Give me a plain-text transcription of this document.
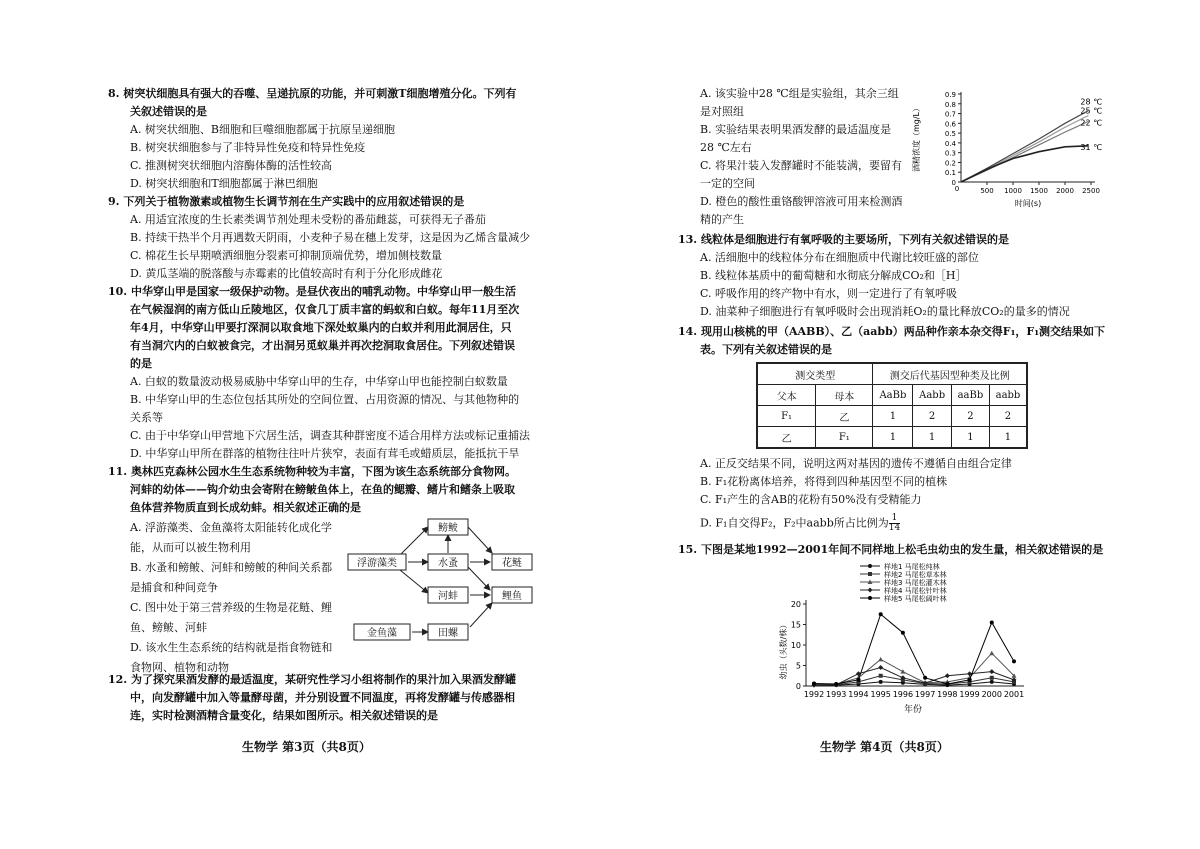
8. 树突状细胞具有强大的吞噬、呈递抗原的功能，并可刺激T细胞增殖分化。下列有
关叙述错误的是
A. 树突状细胞、B细胞和巨噬细胞都属于抗原呈递细胞
B. 树突状细胞参与了非特异性免疫和特异性免疫
C. 推测树突状细胞内溶酶体酶的活性较高
D. 树突状细胞和T细胞都属于淋巴细胞
9. 下列关于植物激素或植物生长调节剂在生产实践中的应用叙述错误的是
A. 用适宜浓度的生长素类调节剂处理未受粉的番茄雌蕊，可获得无子番茄
B. 持续干热半个月再遇数天阴雨，小麦种子易在穗上发芽，这是因为乙烯含量减少
C. 棉花生长早期喷洒细胞分裂素可抑制顶端优势，增加侧枝数量
D. 黄瓜茎端的脱落酸与赤霉素的比值较高时有利于分化形成雌花
10. 中华穿山甲是国家一级保护动物。是昼伏夜出的哺乳动物。中华穿山甲一般生活
在气候湿润的南方低山丘陵地区，仅食几丁质丰富的蚂蚁和白蚁。每年11月至次
年4月，中华穿山甲要打深洞以取食地下深处蚁巢内的白蚁并利用此洞居住，只
有当洞穴内的白蚁被食完，才出洞另觅蚁巢并再次挖洞取食居住。下列叙述错误
的是
A. 白蚁的数量波动极易威胁中华穿山甲的生存，中华穿山甲也能控制白蚁数量
B. 中华穿山甲的生态位包括其所处的空间位置、占用资源的情况、与其他物种的
关系等
C. 由于中华穿山甲营地下穴居生活，调查其种群密度不适合用样方法或标记重捕法
D. 中华穿山甲所在群落的植物往往叶片狭窄，表面有茸毛或蜡质层，能抵抗干旱
11. 奥林匹克森林公园水生生态系统物种较为丰富，下图为该生态系统部分食物网。
河蚌的幼体——钩介幼虫会寄附在鳑鲏鱼体上，在鱼的鳃瓣、鳍片和鳍条上吸取
鱼体营养物质直到长成幼蚌。相关叙述正确的是
A. 浮游藻类、金鱼藻将太阳能转化成化学
能，从而可以被生物利用
B. 水蚤和鳑鲏、河蚌和鳑鲏的种间关系都
是捕食和种间竞争
C. 图中处于第三营养级的生物是花鲢、鲤
鱼、鳑鲏、河蚌
D. 该水生生态系统的结构就是指食物链和
食物网、植物和动物
鳑鲏
浮游藻类	水蚤	花鲢
河蚌	鲤鱼
金鱼藻	田螺
12. 为了探究果酒发酵的最适温度，某研究性学习小组将制作的果汁加入果酒发酵罐
中，向发酵罐中加入等量酵母菌，并分别设置不同温度，再将发酵罐与传感器相
连，实时检测酒精含量变化，结果如图所示。相关叙述错误的是
生物学 第3页（共8页）
A. 该实验中28 ℃组是实验组，其余三组
是对照组
B. 实验结果表明果酒发酵的最适温度是
28 ℃左右
C. 将果汁装入发酵罐时不能装满，要留有
一定的空间
D. 橙色的酸性重铬酸钾溶液可用来检测酒
精的产生
0
0.1
0.2
0.3
0.4
0.5
0.6
0.7
0.8
0.9
0	500 1000 1500 2000 2500
28 ℃
25 ℃
22 ℃
31 ℃
酒精浓度（mg/L）
时间(s)
13. 线粒体是细胞进行有氧呼吸的主要场所，下列有关叙述错误的是
A. 活细胞中的线粒体分布在细胞质中代谢比较旺盛的部位
B. 线粒体基质中的葡萄糖和水彻底分解成CO₂和［H］
C. 呼吸作用的终产物中有水，则一定进行了有氧呼吸
D. 油菜种子细胞进行有氧呼吸时会出现消耗O₂的量比释放CO₂的量多的情况
14. 现用山核桃的甲（AABB）、乙（aabb）两品种作亲本杂交得F₁，F₁测交结果如下
表。下列有关叙述错误的是
测交类型		测交后代基因型种类及比例			
父本	母本	AaBb	Aabb	aaBb	aabb
F₁	乙	1	2	2	2
乙	F₁	1	1	1	1
A. 正反交结果不同，说明这两对基因的遗传不遵循自由组合定律
B. F₁花粉离体培养，将得到四种基因型不同的植株
C. F₁产生的含AB的花粉有50%没有受精能力
D. F₁自交得F₂，F₂中aabb所占比例为 $\frac{1}{14}$
15. 下图是某地1992—2001年间不同样地上松毛虫幼虫的发生量，相关叙述错误的是
样地1 马尾松纯林
样地2 马尾松草本林
样地3 马尾松灌木林
样地4 马尾松针叶林
样地5 马尾松阔叶林
0
5
10
15
20
1992 1993 1994 1995 1996 1997 1998 1999 2000 2001
幼虫（头数/株）
年份
生物学 第4页（共8页）
